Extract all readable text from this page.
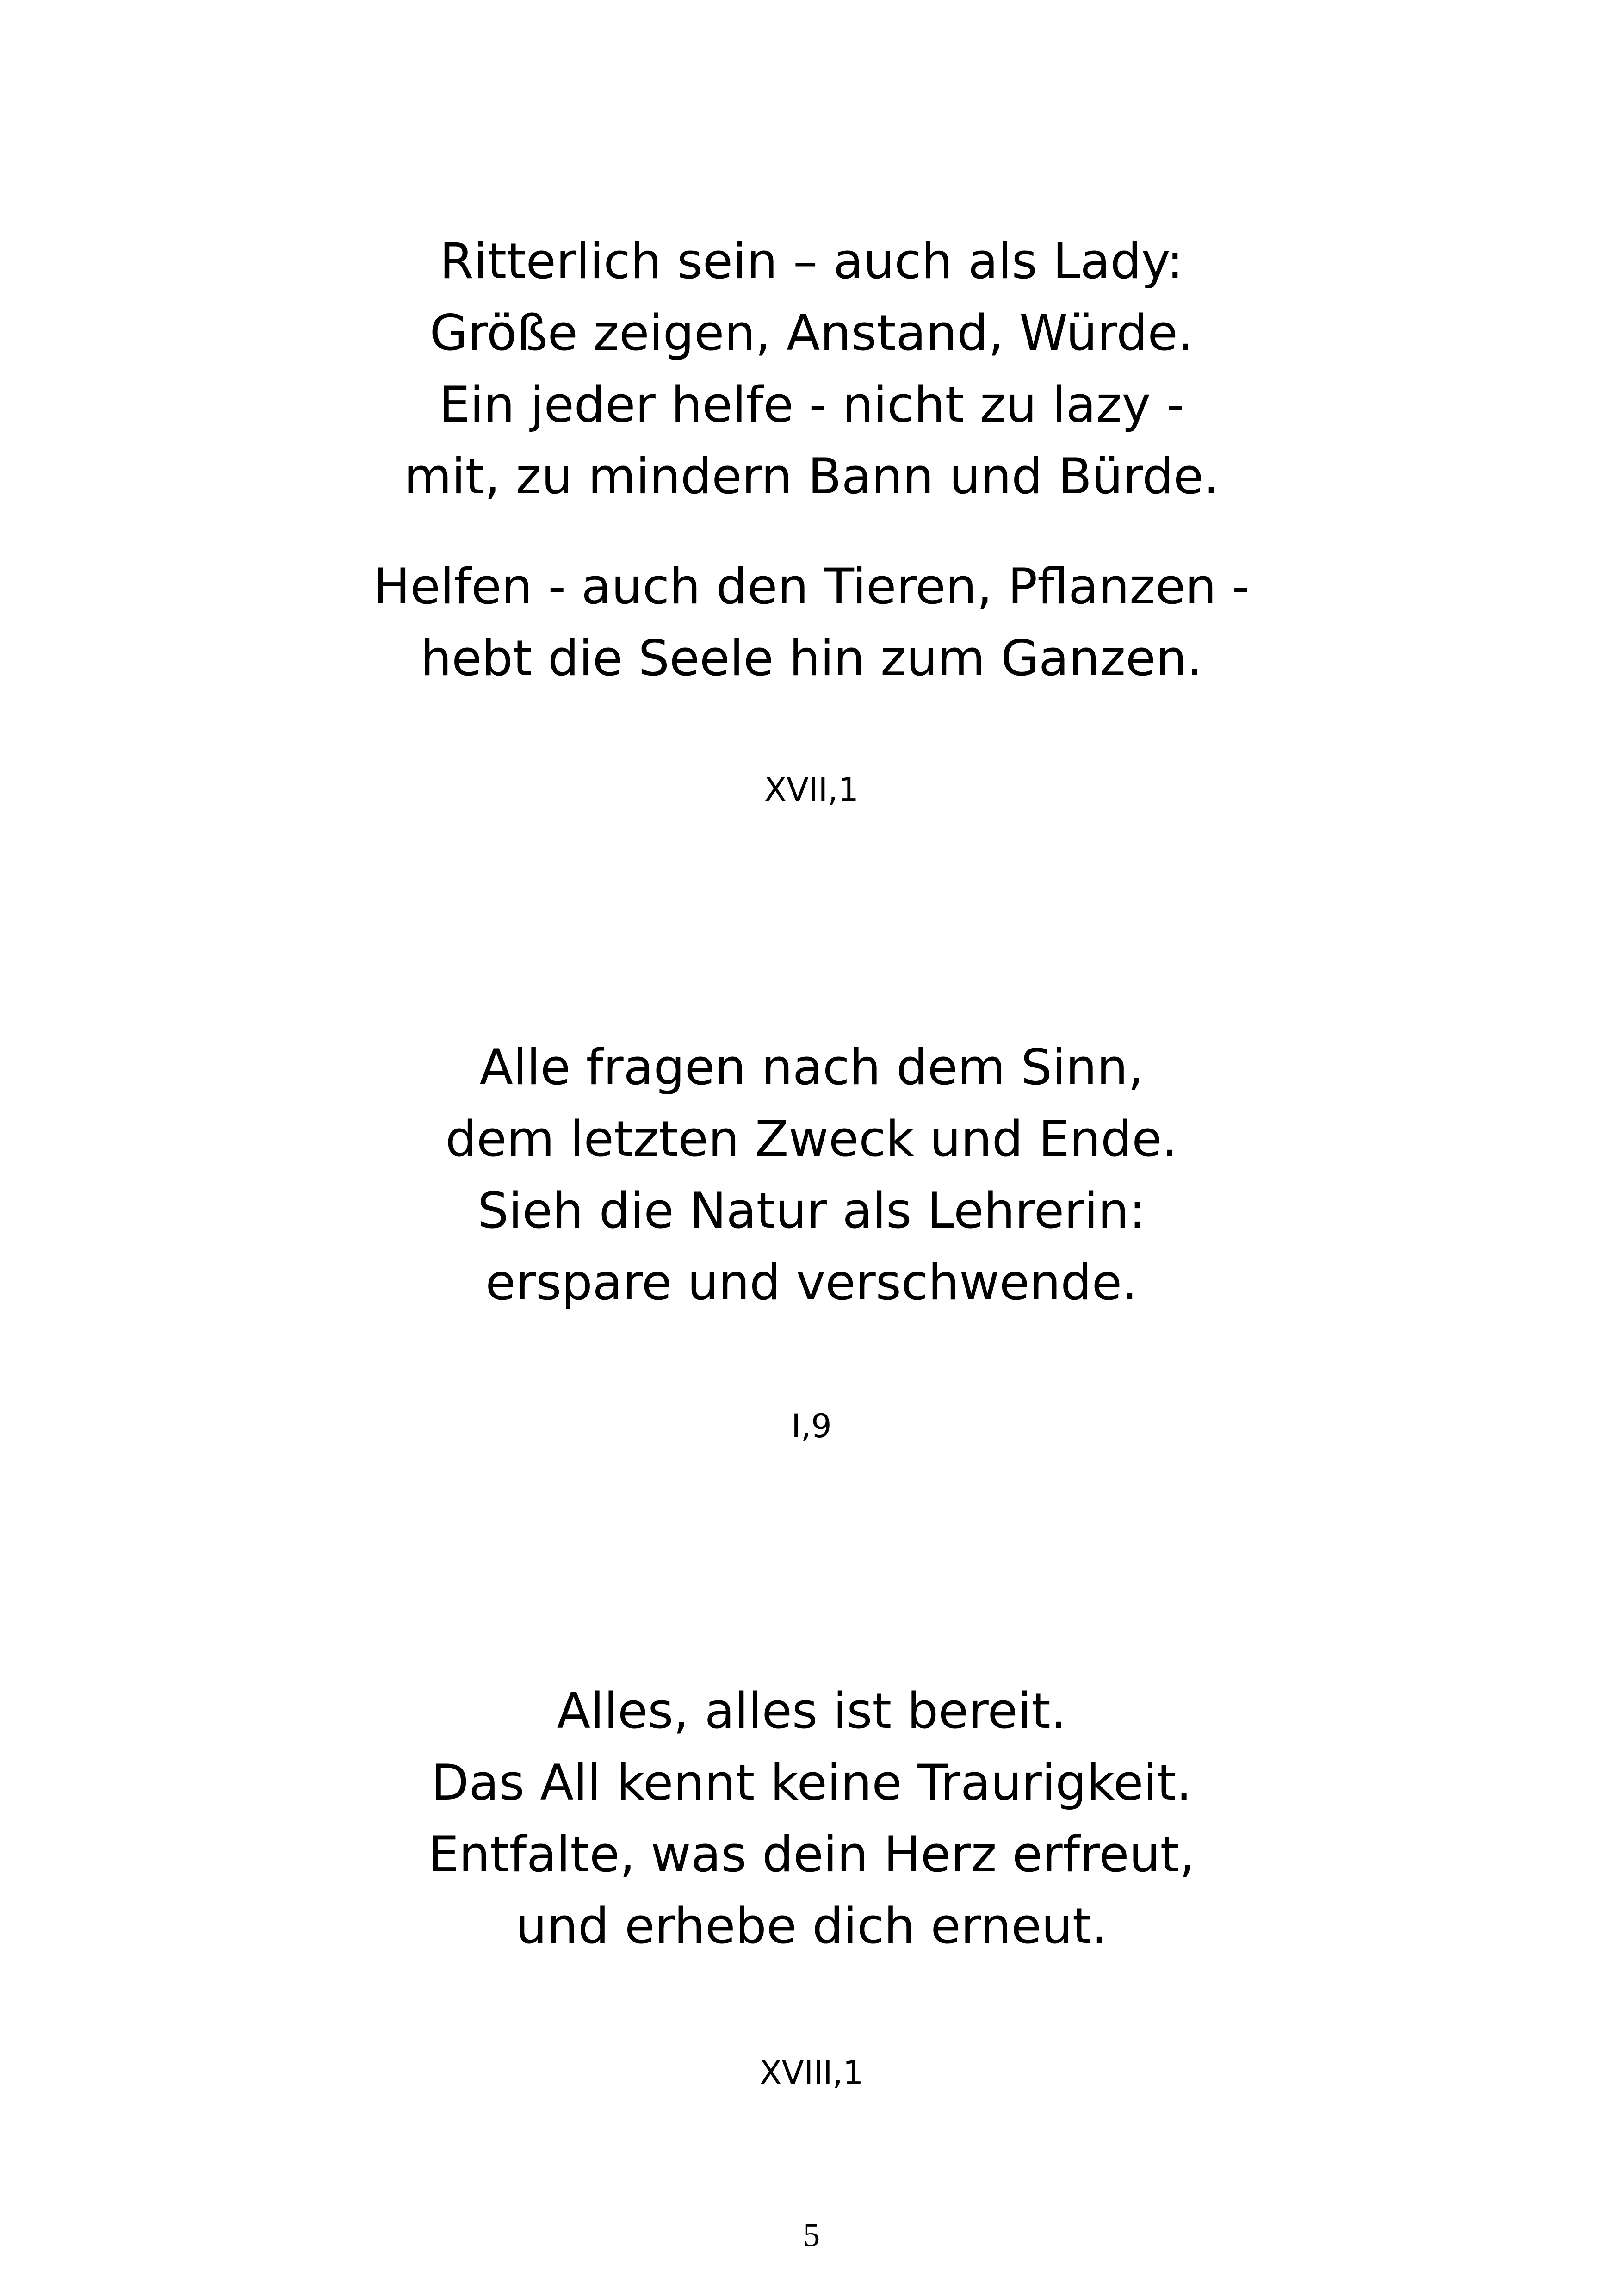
Ritterlich sein – auch als Lady:
Größe zeigen, Anstand, Würde.
Ein jeder helfe - nicht zu lazy -
mit, zu mindern Bann und Bürde.
Helfen - auch den Tieren, Pflanzen -
hebt die Seele hin zum Ganzen.
XVII,1
Alle fragen nach dem Sinn,
dem letzten Zweck und Ende.
Sieh die Natur als Lehrerin:
erspare und verschwende.
I,9
Alles, alles ist bereit.
Das All kennt keine Traurigkeit.
Entfalte, was dein Herz erfreut,
und erhebe dich erneut.
XVIII,1
5
